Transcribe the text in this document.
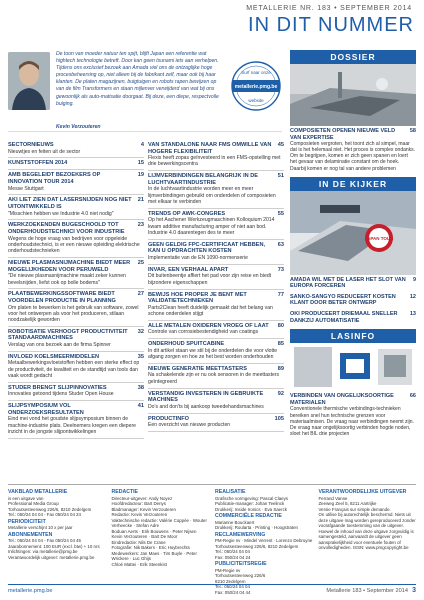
METALLERIE NR. 183 • SEPTEMBER 2014
IN DIT NUMMER
De toon van moeder natuur ten spijt, blijft Japan een referentie wat hightech technologie betreft. Door kan geen tsunami iets aan verhelpen. Tijdens ons exclusief bezoek aan Amada viel ons de ontzaglijke hoge procesbeheersing op, niet alleen bij de fabrikant zelf, maar ook bij haar klanten. De platen magazijnen, buigtuigen en robots rapen bewijzen op van de film Transformers en staan mijlenver verwijderd van wat bij ons gewoonlijk als auto-matisatie doorgaat. Bij deze, een diepe, respectvolle buiging.
Kevin Verzouteren
Surf naar onze
metallerie.pmg.be
website
SECTORNIEUWS	4
Nieuwtjes en feiten uit de sector
KUNSTSTOFFEN 2014	15
AMB BEGELEIDT BEZOEKERS OP INNOVATION TOUR 2014
19
Messe Stuttgart
AKI LIET ZIEN DAT LASERSNIJDEN NOG NIET UITONTWIKKELD IS
21
"Misschien hebben we Industrie 4.0 niet nodig"
WERKZOEKENDEN BUGESCHOOLD TOT ONDERHOUDSTECHNICI VOOR INDUSTRIE
23
Wegens de hoge vraag van bedrijven voor opgeleide onderhoudstechnici, is er een nieuwe opleiding elektrische onderhoudstechnieken
NIEUWE PLASMASNIJMACHINE BIEDT MEER MOGELIJKHEDEN VOOR PERUWELD
25
"De nieuwe plasmasnijmachine maakt zeker kunnen bevelsnijden, liefst ook op bolle bodems"
PLAATBEWERKINGSSOFTWARE BIEDT VOORDELEN PRODUCTIE IN PLANNING
27
Om platen te bewerken is het gebruik van software, zowel voor het ontwerpen als voor het produceren, stilaan noodzakelijk geworden
ROBOTISATIE VERHOOGT PRODUCTIVITEIT STANDAARDMACHINES
32
Verslag van ons bezoek aan de firma Spinner
INVLOED KOELSMEERMIDDELEN	35
Metaalbewerkingsvloeistoffen hebben een sterke effect op de productiviteit, de kwaliteit en de standtijd van tools dan vaak wordt gedacht
STUDER BRENGT SLIJPINNOVATIES	38
Innovaties getoond tijdens Studer Open House
SLIJPSYMPOSIUM VOL ONDERZOEKSRESULTATEN
41
Eind mei vond het goudste slijpsymposium binnen de machine-industrie plats. Deelnemers kregen een diepere inzicht in de jongste slijpontwikkelingen
VAN STANDALONE NAAR FMS OMWILLE VAN HOGERE FLEXIBILITEIT
45
Flexis heeft zopas geïnvesteerd in een FMS-opstelling met drie bewerkingscentra
LIJMVERBINDINGEN BELANGRIJK IN DE LUCHTVAARTINDUSTRIE
51
In de luchtvaartindustrie worden meer en meer lijmverbindingen gebruikt om onderdelen of composieten met elkaar te verbinden
TRENDS OP AWK-CONGRES	55
Op het Aachener Werkzeugmaschinen Kolloquium 2014 kwam additive manufacturing amper of niet aan bod. Industrie 4.0 daarentegen des te meer
GEEN GELDIG FPC-CERTIFICAAT HEBBEN, KAN U OPDRACHTEN KOSTEN
63
Implementatie van de EN 1090-normenserie
INVAR, EEN VERHAAL APART	73
Dit buitenbeentje affiert het pad voor zijn reise en biedt bijzondere eigenschappen
BEWIJS HOE PROPER JE BENT MET VALIDATIETECHNIEKEN
77
Parts2Clean heeft duidelijk gemaakt dat het belang van schone onderdelen stijgt
ALLE METALEN OXIDEREN VROEG OF LAAT	80
Controle van corrosiebestendigheid van coatings
ONDERHOUD SPUITCABINE	85
In dit artikel staan we stil bij de onderdelen die voor vlotte afgang zorgen en hoe ze het best worden onderhouden
NIEUWE GENERATIE MEETTASTERS	89
Na schakelende zijn er nu ook sensoren in de meettasters geïntegreerd
VERSTANDIG INVESTEREN IN GEBRUIKTE MACHINES
92
Do's and don'ts bij aankoop tweedehandsmachines
PRODUCTINFO	105
Een overzicht van nieuwe producten
DOSSIER
COMPOSIETEN OPENEN NIEUWE VELD VAN EXPERTISE
58
Composieten vergroten, het toont zich al simpel, maar dat is het helemaal niet. Het proces is complex ondanks. Om te begrijpen, komen er zich geen spanen en loert het gevaar van delaminatie constant om de hoek. Daarbij komen er nog tal van andere problemen
IN DE KIJKER
JAPAN TOUR
AMADA WIL MET DE LASER HET SLOT VAN EUROPA FORCEREN
9
SANKO-SANGYO REDUCEERT KOSTEN KLANT DOOR BETER ONTWERP
12
OKI PRODUCEERT DRIEMAAL SNELLER DANKZIJ AUTOMATISATIE
13
LASINFO
VERBINDEN VAN ONGELIJKSOORTIGE MATERIALEN
66
Conventionele thermische verbindings-technieken bereiken snel hun technische grenzen voor materiaalmixen. De vraag naar verbindingen neemt zijn. De vraag naar ongelijksoortig verbinden hogde noden, sloet het BIL drie projecten
VAKBLAD METALLERIE
is een uitgave van
Professional Media Group
Torhoutsesteenweg 226/6, 8210 Zedelgem
Tel.: 050/24 04 04 - Fax 050/24 04 24
PERIODICITEIT
Metallerie verschijnt 10 x per jaar
ABONNEMENTEN
Tel.: 050/24 04 04 - Fax 050/24 04 45
Jaarabonnement: 100 EUR (excl. btw) + 10 nrs
Inlichtingen: via metallerie@pmg.be
Verantwoordelijk uitgever: metallerie.pmg.be
REDACTIE
Directeur-uitgever: Andy Noyez
Hoofdredacteur: Bart Denys
Bladmanager: Kevin Verzouteren
Redactie: Kevin Verzouteren
Vaktechnische redactie: Valérie Coppée · Wouter Verheecke · Stefan Adre
Boduan Aerts · Erik Bouwens · Peter Nijsen
Kevin Verzouteren · Bart De Moor
Eindredactie: Nils De Crane
Fotografie: Nik Bakers · Eric Huybrechts
Medewerkers: Jan Maes · Tim Buyle · Peter Wrickere · Luc Ghijs
Chloé Mattei · Erik Steenkist
REALISATIE
Grafische vormgeving: Pascal Claeys
Publicatie-manager: Johan Teelinck
Drukkerij: Inside Ironics · Eva Saerck
COMMERCIËLE REDACTIE
Marianne Bouckaert
Drukkerij: Roularta · Printing · Hoogstraten
RECLAMEWERVING
PM-Regie nv · Mindel Verrest · Lorenzo Debruyne
Torhoutsesteenweg 226/6, 8210 Zedelgem
Tel.: 050/24 04 04
Fax: 050/24 04 24
PUBLICITEITSREGIE
PM-Regie nv
Torhoutsesteenweg 226/6
8210 Zedelgem
Tel.: 050/24 04 04
Fax: 050/24 04 44
VERANTWOORDELIJKE UITGEVER
Ferrand Vanne
Zeeweg Zeel 5, 8211 Aartrijke
Versie Français sur simple demande.
On utilise bij autorechtelijk beschermd. Niets uit deze uitgave mag worden gereproduceerd zonder voorafgaande toestemming van de uitgever. Hoewel de inhoud van deze uitgave zorgvuldig is samengesteld, aanvaardt de uitgever geen aansprakelijkheid voor eventuele fouten of onvolledigheden. ISSN: www.pmgcopyright.be
metallerie.pmg.be	Metallerie 183 • September 2014 3
